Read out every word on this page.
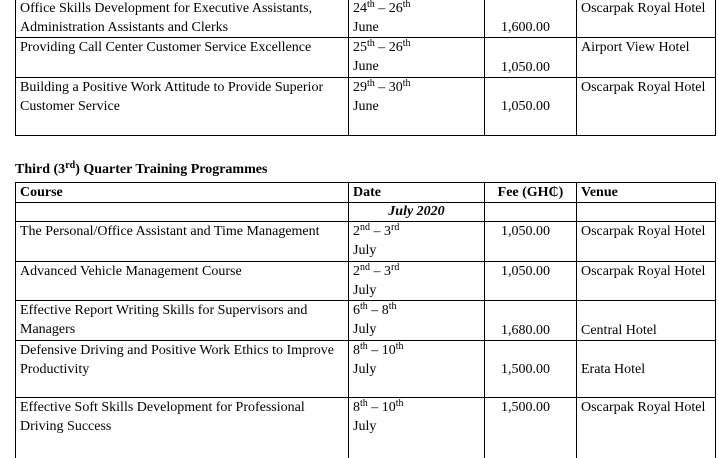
Office Skills Development for Executive Assistants, Administration Assistants and Clerks	24th – 26th
June	1,600.00	Oscarpak Royal Hotel
Providing Call Center Customer Service Excellence	25th – 26th
June	1,050.00	Airport View Hotel
Building a Positive Work Attitude to Provide Superior Customer Service	29th – 30th
June	1,050.00	Oscarpak Royal Hotel

Third (3rd) Quarter Training Programmes

Course	Date	Fee (GH₵)	Venue
	July 2020		
The Personal/Office Assistant and Time Management	2nd – 3rd
July	1,050.00	Oscarpak Royal Hotel
Advanced Vehicle Management Course	2nd – 3rd
July	1,050.00	Oscarpak Royal Hotel
Effective Report Writing Skills for Supervisors and Managers	6th – 8th
July	1,680.00	Central Hotel
Defensive Driving and Positive Work Ethics to Improve Productivity	8th – 10th
July	1,500.00	Erata Hotel
Effective Soft Skills Development for Professional Driving Success	8th – 10th
July	1,500.00	Oscarpak Royal Hotel
